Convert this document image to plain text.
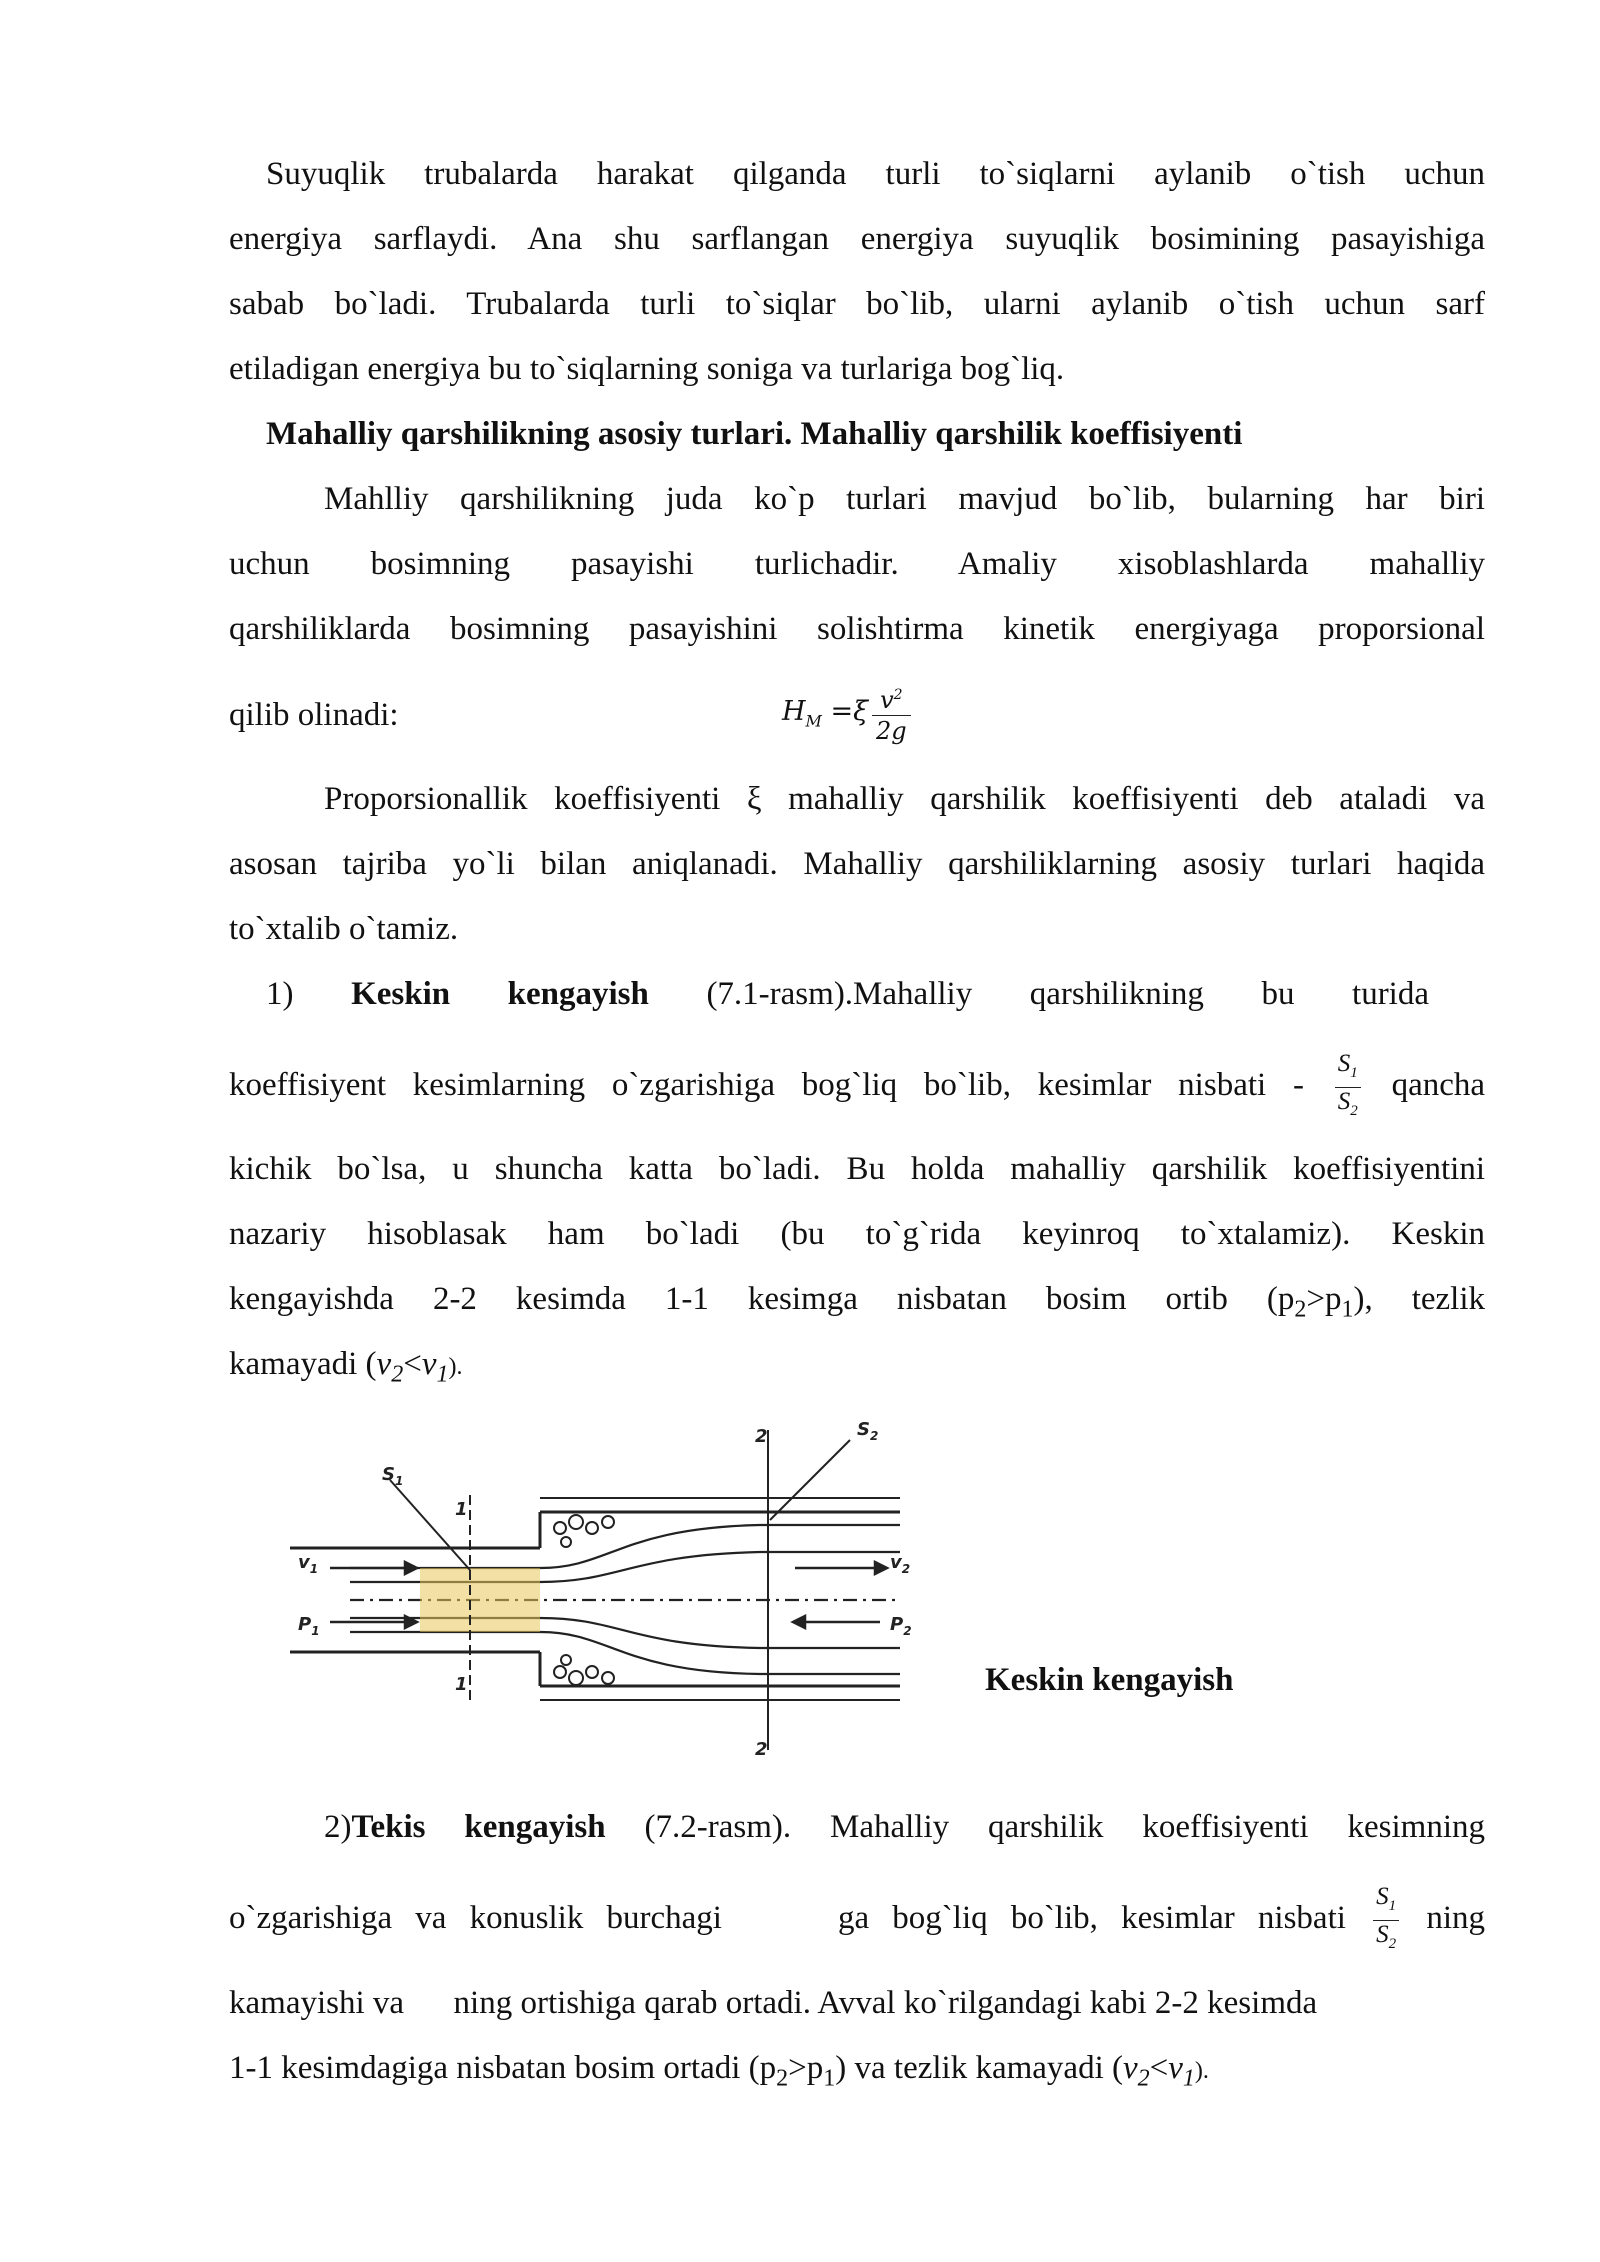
Suyuqlik trubalarda harakat qilganda turli to`siqlarni aylanib o`tish uchun

energiya sarflaydi. Ana shu sarflangan energiya suyuqlik bosimining pasayishiga

sabab bo`ladi. Trubalarda turli to`siqlar bo`lib, ularni aylanib o`tish uchun sarf

etiladigan energiya bu to`siqlarning soniga va turlariga bog`liq.

Mahalliy qarshilikning asosiy turlari. Mahalliy qarshilik koeffisiyenti

Mahlliy qarshilikning juda ko`p turlari mavjud bo`lib, bularning har biri

uchun bosimning pasayishi turlichadir. Amaliy xisoblashlarda mahalliy

qarshiliklarda bosimning pasayishini solishtirma kinetik energiyaga proporsional

qilib olinadi:	$H_M =\xi \frac{v^2}{2g}$

Proporsionallik koeffisiyenti ξ mahalliy qarshilik koeffisiyenti deb ataladi va

asosan tajriba yo`li bilan aniqlanadi. Mahalliy qarshiliklarning asosiy turlari haqida

to`xtalib o`tamiz.

1) Keskin kengayish (7.1-rasm).Mahalliy qarshilikning bu turida

koeffisiyent kesimlarning o`zgarishiga bog`liq bo`lib, kesimlar nisbati - $\frac{S_1}{S_2}$ qancha

kichik bo`lsa, u shuncha katta bo`ladi. Bu holda mahalliy qarshilik koeffisiyentini

nazariy hisoblasak ham bo`ladi (bu to`g`rida keyinroq to`xtalamiz). Keskin

kengayishda 2-2 kesimda 1-1 kesimga nisbatan bosim ortib $(p_2>p_1)$, tezlik

kamayadi $(v_2<v_1)$.

$S_1$
$S_2$
$v_1$	$v_2$
$P_1$	$P_2$
1
1
2
2
Keskin kengayish

2)Tekis kengayish (7.2-rasm). Mahalliy qarshilik koeffisiyenti kesimning

o`zgarishiga va konuslik burchagi	ga bog`liq bo`lib, kesimlar nisbati $\frac{S_1}{S_2}$ ning

kamayishi va ning ortishiga qarab ortadi. Avval ko`rilgandagi kabi 2-2 kesimda

1-1 kesimdagiga nisbatan bosim ortadi $(p_2>p_1)$ va tezlik kamayadi $(v_2<v_1)$.
